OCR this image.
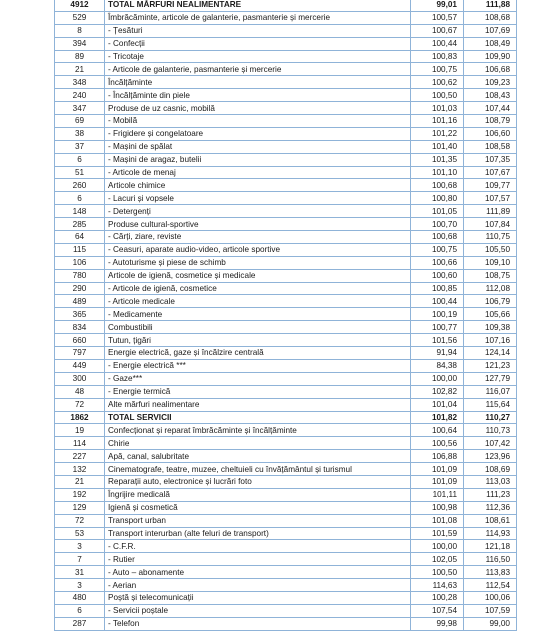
4912	TOTAL MĂRFURI NEALIMENTARE	99,01	111,88
529	Îmbrăcăminte, articole de galanterie, pasmanterie și mercerie	100,57	108,68
8	- Țesături	100,67	107,69
394	- Confecții	100,44	108,49
89	- Tricotaje	100,83	109,90
21	- Articole de galanterie, pasmanterie și mercerie	100,75	106,68
348	Încălțăminte	100,62	109,23
240	- Încălțăminte din piele	100,50	108,43
347	Produse de uz casnic, mobilă	101,03	107,44
69	- Mobilă	101,16	108,79
38	- Frigidere și congelatoare	101,22	106,60
37	- Mașini de spălat	101,40	108,58
6	- Mașini de aragaz, butelii	101,35	107,35
51	- Articole de menaj	101,10	107,67
260	Articole chimice	100,68	109,77
6	- Lacuri și vopsele	100,80	107,57
148	- Detergenți	101,05	111,89
285	Produse cultural-sportive	100,70	107,84
64	- Cărți, ziare, reviste	100,68	110,75
115	- Ceasuri, aparate audio-video, articole sportive	100,75	105,50
106	- Autoturisme și piese de schimb	100,66	109,10
780	Articole de igienă, cosmetice și medicale	100,60	108,75
290	- Articole de igienă, cosmetice	100,85	112,08
489	- Articole medicale	100,44	106,79
365	- Medicamente	100,19	105,66
834	Combustibili	100,77	109,38
660	Tutun, țigări	101,56	107,16
797	Energie electrică, gaze și încălzire centrală	91,94	124,14
449	- Energie electrică ***	84,38	121,23
300	- Gaze***	100,00	127,79
48	- Energie termică	102,82	116,07
72	Alte mărfuri nealimentare	101,04	115,64
1862	TOTAL SERVICII	101,82	110,27
19	Confecționat și reparat îmbrăcăminte și încălțăminte	100,64	110,73
114	Chirie	100,56	107,42
227	Apă, canal, salubritate	106,88	123,96
132	Cinematografe, teatre, muzee, cheltuieli cu învățământul și turismul	101,09	108,69
21	Reparații auto, electronice și lucrări foto	101,09	113,03
192	Îngrijire medicală	101,11	111,23
129	Igienă și cosmetică	100,98	112,36
72	Transport urban	101,08	108,61
53	Transport interurban (alte feluri de transport)	101,59	114,93
3	- C.F.R.	100,00	121,18
7	- Rutier	102,05	116,50
31	- Auto – abonamente	100,50	113,83
3	- Aerian	114,63	112,54
480	Poștă și telecomunicații	100,28	100,06
6	- Servicii poștale	107,54	107,59
287	- Telefon	99,98	99,00
